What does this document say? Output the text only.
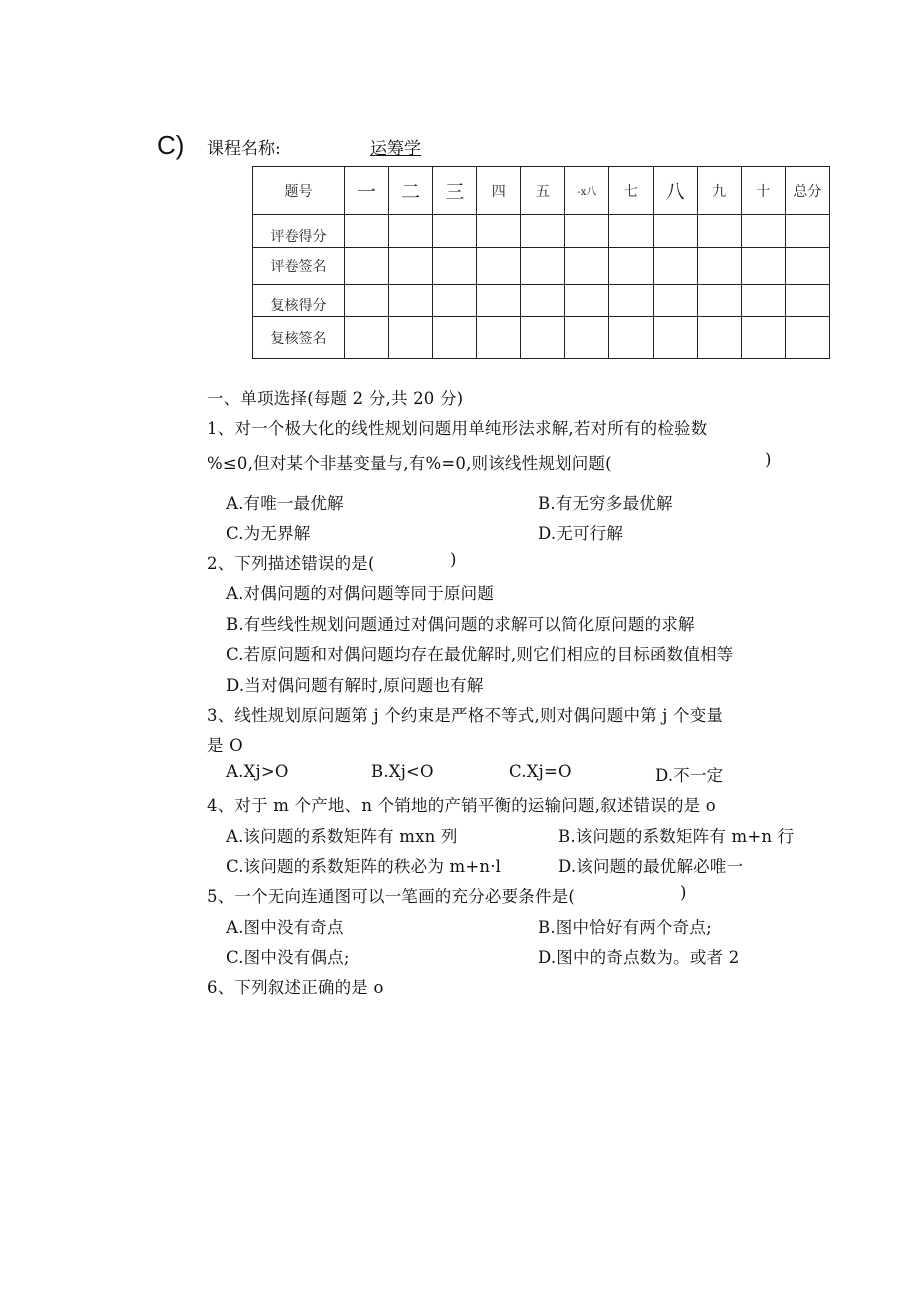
C) 课程名称:	运筹学
题号	一	二	三	四	五	-x八	七	八	九	十	总分
评卷得分											
评卷签名											
复核得分											
复核签名											
一、单项选择(每题 2 分,共 20 分)
1、对一个极大化的线性规划问题用单纯形法求解,若对所有的检验数
%≤0,但对某个非基变量与,有%=0,则该线性规划问题(	)
A.有唯一最优解	B.有无穷多最优解
C.为无界解	D.无可行解
2、下列描述错误的是(	)
A.对偶问题的对偶问题等同于原问题
B.有些线性规划问题通过对偶问题的求解可以简化原问题的求解
C.若原问题和对偶问题均存在最优解时,则它们相应的目标函数值相等
D.当对偶问题有解时,原问题也有解
3、线性规划原问题第 j 个约束是严格不等式,则对偶问题中第 j 个变量
是 O
A.Xj>O	B.Xj<O	C.Xj=O	D.不一定
4、对于 m 个产地、n 个销地的产销平衡的运输问题,叙述错误的是 o
A.该问题的系数矩阵有 mxn 列	B.该问题的系数矩阵有 m+n 行
C.该问题的系数矩阵的秩必为 m+n·l	D.该问题的最优解必唯一
5、一个无向连通图可以一笔画的充分必要条件是(	)
A.图中没有奇点	B.图中恰好有两个奇点;
C.图中没有偶点;	D.图中的奇点数为。或者 2
6、下列叙述正确的是 o
